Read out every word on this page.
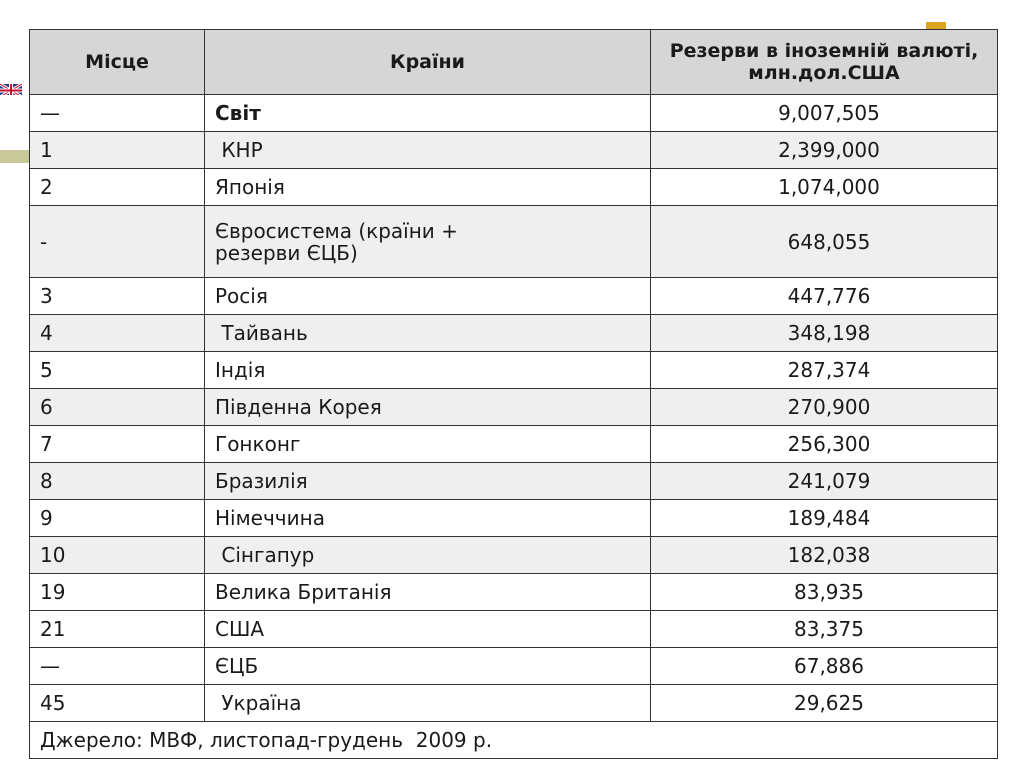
Місце	Країни	Резерви в іноземній валюті, млн.дол.США
—	Світ	9,007,505
1	КНР	2,399,000
2	Японія	1,074,000
-	Євросистема (країни + резерви ЄЦБ)	648,055
3	Росія	447,776
4	Тайвань	348,198
5	Індія	287,374
6	Південна Корея	270,900
7	Гонконг	256,300
8	Бразилія	241,079
9	Німеччина	189,484
10	Сінгапур	182,038
19	Велика Британія	83,935
21	США	83,375
—	ЄЦБ	67,886
45	Україна	29,625
Джерело: МВФ, листопад-грудень  2009 р.		
